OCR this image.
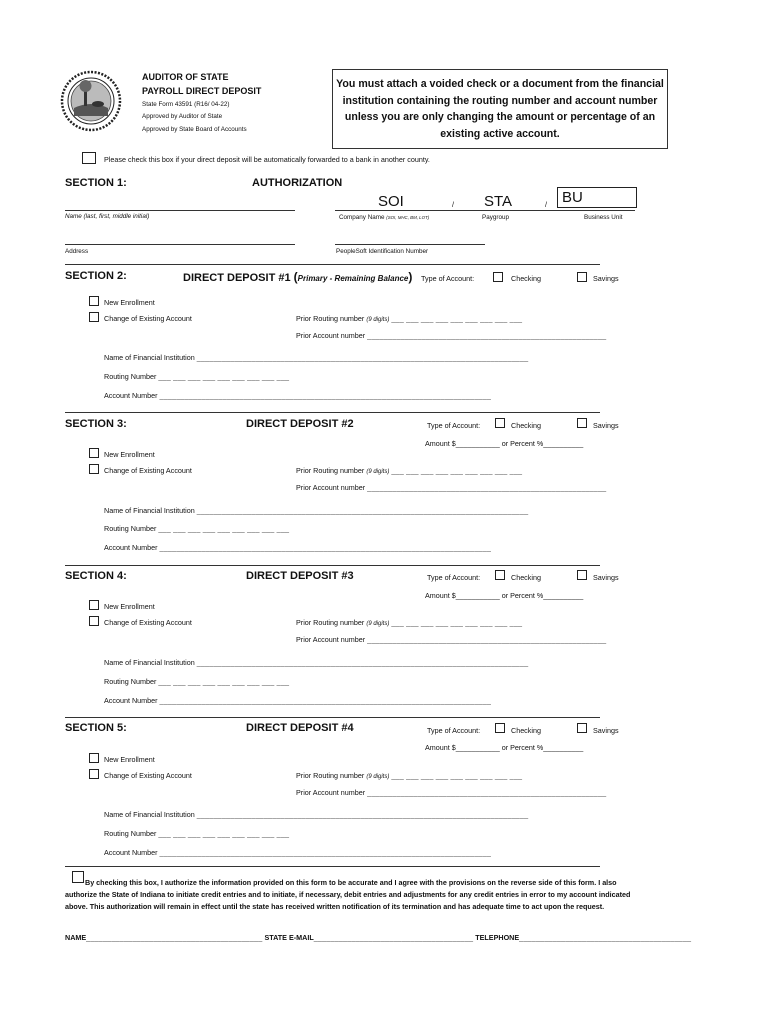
AUDITOR OF STATE
PAYROLL DIRECT DEPOSIT
State Form 43591 (R16/ 04-22)
Approved by Auditor of State
Approved by State Board of Accounts
You must attach a voided check or a document from the financial institution containing the routing number and account number unless you are only changing the amount or percentage of an existing active account.
Please check this box if your direct deposit will be automatically forwarded to a bank in another county.
SECTION 1:	AUTHORIZATION
SOI	/ STA	/	BU
Name (last, first, middle initial)	Company Name (SOI, MHC, BM, LOT)	Paygroup	Business Unit
Address	PeopleSoft Identification Number
SECTION 2:	DIRECT DEPOSIT #1 (Primary - Remaining Balance) Type of Account:	Checking	Savings
New Enrollment
Change of Existing Account	Prior Routing number (9 digits) ___ ___ ___ ___ ___ ___ ___ ___ ___
Prior Account number _________________________________________________________
Name of Financial Institution _______________________________________________________________________________
Routing Number ___ ___ ___ ___ ___ ___ ___ ___ ___
Account Number _______________________________________________________________________________
SECTION 3:	DIRECT DEPOSIT #2	Type of Account:	Checking	Savings
Amount $___________ or Percent %__________
New Enrollment
Change of Existing Account	Prior Routing number (9 digits) ___ ___ ___ ___ ___ ___ ___ ___ ___
Prior Account number _________________________________________________________
Name of Financial Institution _______________________________________________________________________________
Routing Number ___ ___ ___ ___ ___ ___ ___ ___ ___
Account Number _______________________________________________________________________________
SECTION 4:	DIRECT DEPOSIT #3	Type of Account:	Checking	Savings
Amount $___________ or Percent %__________
New Enrollment
Change of Existing Account	Prior Routing number (9 digits) ___ ___ ___ ___ ___ ___ ___ ___ ___
Prior Account number _________________________________________________________
Name of Financial Institution _______________________________________________________________________________
Routing Number ___ ___ ___ ___ ___ ___ ___ ___ ___
Account Number _______________________________________________________________________________
SECTION 5:	DIRECT DEPOSIT #4	Type of Account:	Checking	Savings
Amount $___________ or Percent %__________
New Enrollment
Change of Existing Account	Prior Routing number (9 digits) ___ ___ ___ ___ ___ ___ ___ ___ ___
Prior Account number _________________________________________________________
Name of Financial Institution _______________________________________________________________________________
Routing Number ___ ___ ___ ___ ___ ___ ___ ___ ___
Account Number _______________________________________________________________________________
By checking this box, I authorize the information provided on this form to be accurate and I agree with the provisions on the reverse side of this form. I also
authorize the State of Indiana to initiate credit entries and to initiate, if necessary, debit entries and adjustments for any credit entries in error to my account indicated
above. This authorization will remain in effect until the state has received written notification of its termination and has adequate time to act upon the request.
NAME__________________________________________ STATE E-MAIL______________________________________ TELEPHONE_________________________________________
